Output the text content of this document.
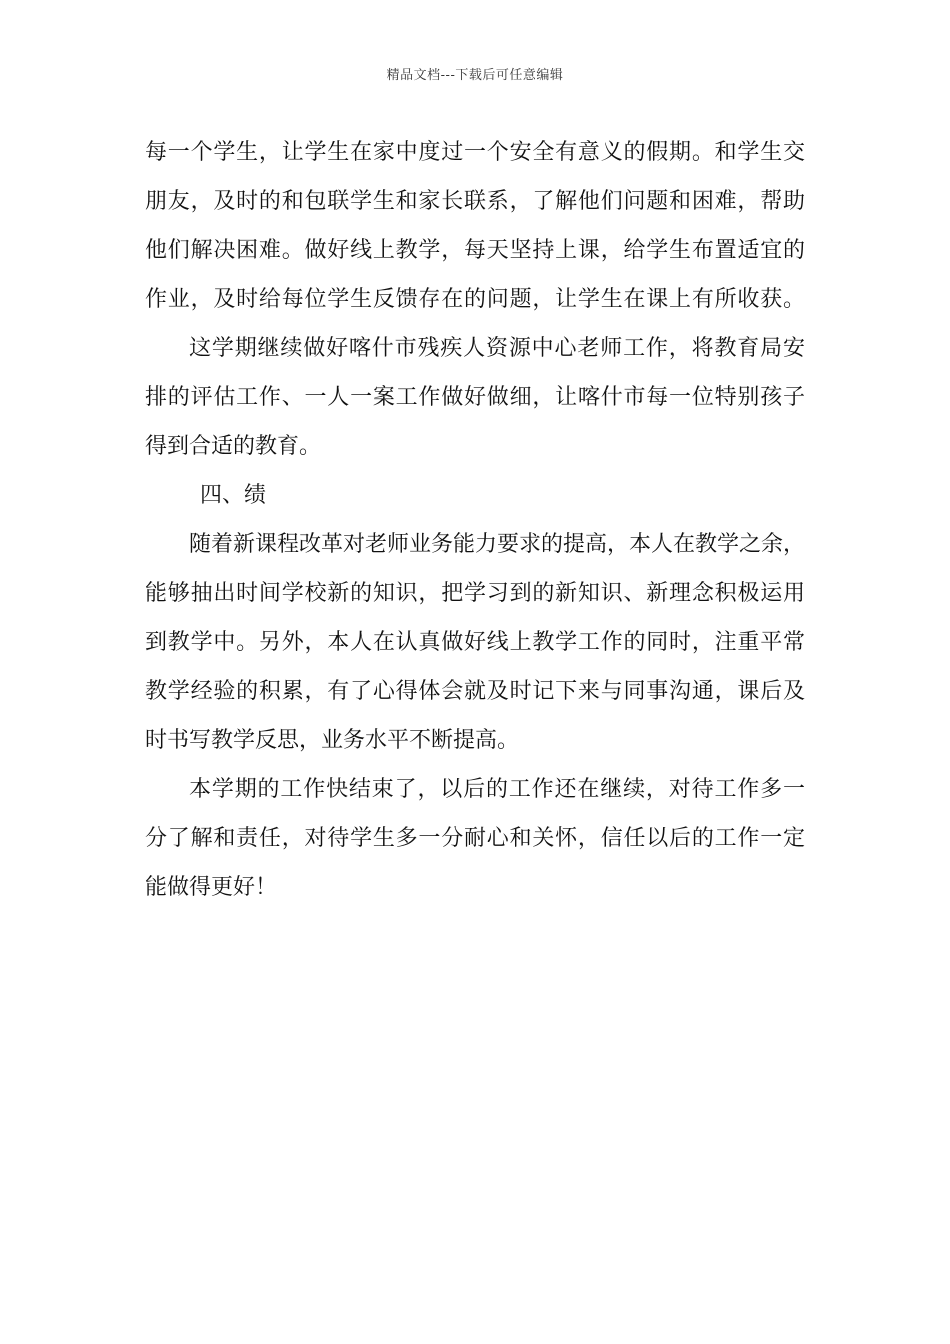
精品文档---下载后可任意编辑
每一个学生，让学生在家中度过一个安全有意义的假期。和学生交
朋友，及时的和包联学生和家长联系，了解他们问题和困难，帮助
他们解决困难。做好线上教学，每天坚持上课，给学生布置适宜的
作业，及时给每位学生反馈存在的问题，让学生在课上有所收获。
这学期继续做好喀什市残疾人资源中心老师工作，将教育局安
排的评估工作、一人一案工作做好做细，让喀什市每一位特别孩子
得到合适的教育。
四、绩
随着新课程改革对老师业务能力要求的提高，本人在教学之余，
能够抽出时间学校新的知识，把学习到的新知识、新理念积极运用
到教学中。另外，本人在认真做好线上教学工作的同时，注重平常
教学经验的积累，有了心得体会就及时记下来与同事沟通，课后及
时书写教学反思，业务水平不断提高。
本学期的工作快结束了，以后的工作还在继续，对待工作多一
分了解和责任，对待学生多一分耐心和关怀，信任以后的工作一定
能做得更好！
